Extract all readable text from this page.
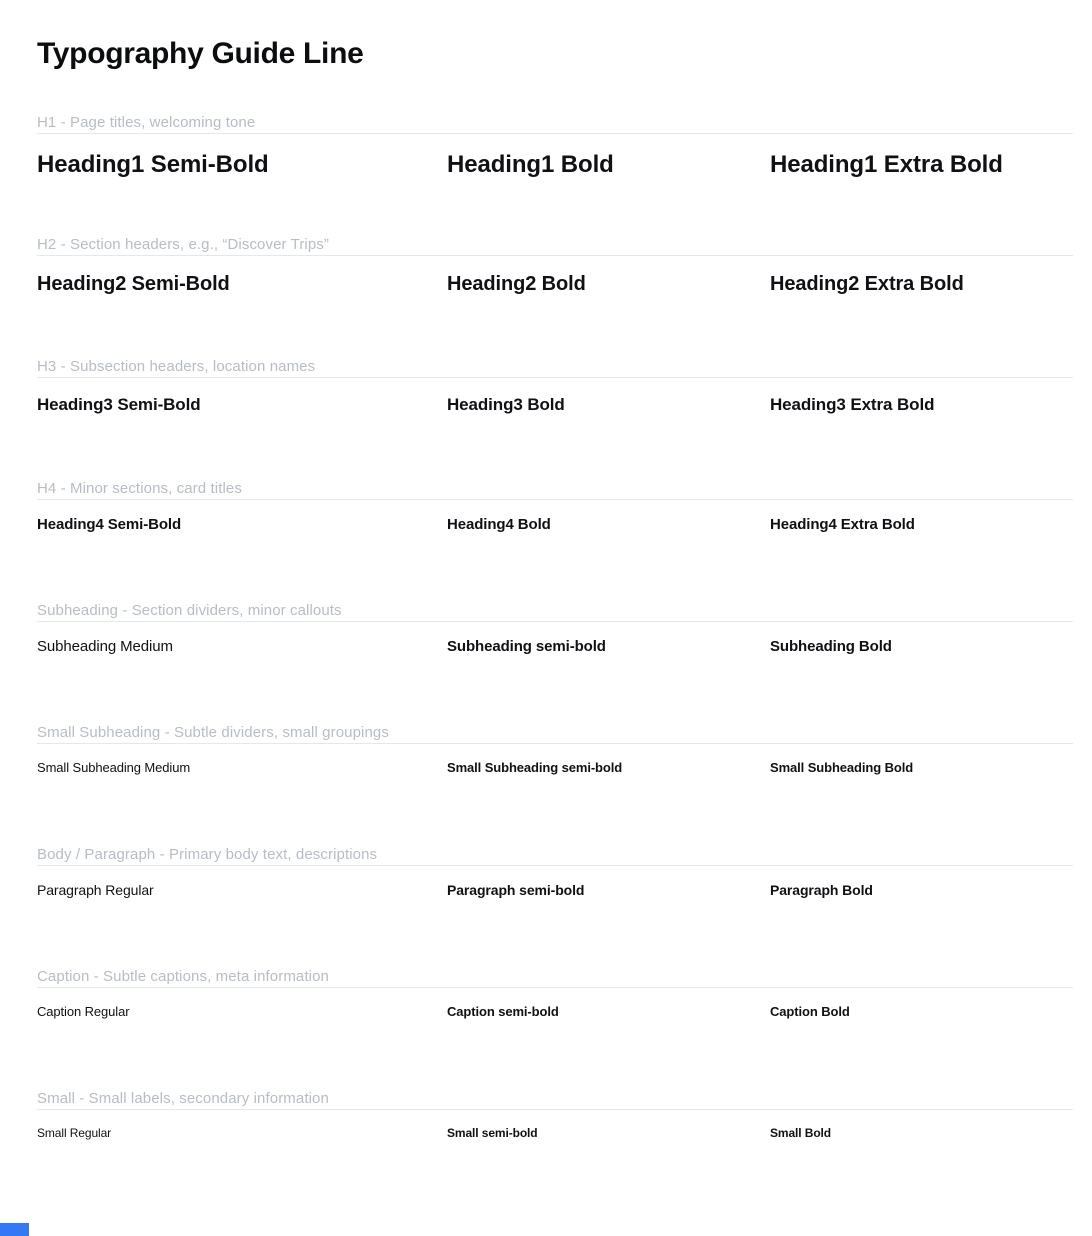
Typography Guide Line
H1 - Page titles, welcoming tone
Heading1 Semi-Bold	Heading1 Bold	Heading1 Extra Bold
H2 - Section headers, e.g., “Discover Trips”
Heading2 Semi-Bold	Heading2 Bold	Heading2 Extra Bold
H3 - Subsection headers, location names
Heading3 Semi-Bold	Heading3 Bold	Heading3 Extra Bold
H4 - Minor sections, card titles
Heading4 Semi-Bold	Heading4 Bold	Heading4 Extra Bold
Subheading - Section dividers, minor callouts
Subheading Medium	Subheading semi-bold	Subheading Bold
Small Subheading - Subtle dividers, small groupings
Small Subheading Medium	Small Subheading semi-bold	Small Subheading Bold
Body / Paragraph - Primary body text, descriptions
Paragraph Regular	Paragraph semi-bold	Paragraph Bold
Caption - Subtle captions, meta information
Caption Regular	Caption semi-bold	Caption Bold
Small - Small labels, secondary information
Small Regular	Small semi-bold	Small Bold
